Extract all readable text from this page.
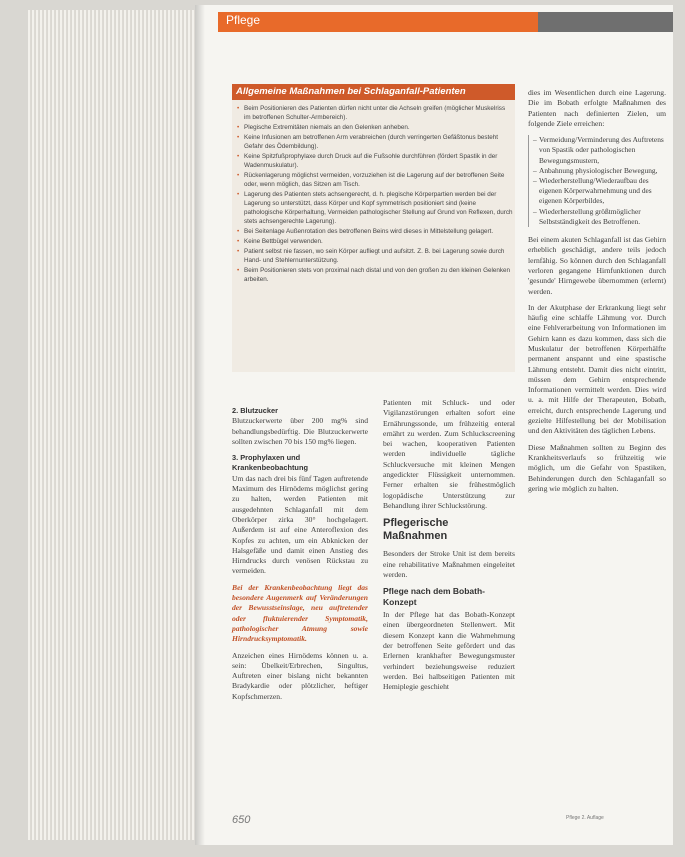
Pflege
Allgemeine Maßnahmen bei Schlaganfall-Patienten
• Beim Positionieren des Patienten dürfen nicht unter die Achseln greifen (möglicher Muskelriss im betroffenen Schulter-Armbereich).
• Plegische Extremitäten niemals an den Gelenken anheben.
• Keine Infusionen am betroffenen Arm verabreichen (durch verringerten Gefäßtonus besteht Gefahr des Ödembildung).
• Keine Spitzfußprophylaxe durch Druck auf die Fußsohle durchführen (fördert Spastik in der Wadenmuskulatur).
• Rückenlagerung möglichst vermeiden, vorzuziehen ist die Lagerung auf der betroffenen Seite oder, wenn möglich, das Sitzen am Tisch.
• Lagerung des Patienten stets achsengerecht, d. h. plegische Körperpartien werden bei der Lagerung so unterstützt, dass Körper und Kopf symmetrisch positioniert sind (keine pathologische Körperhaltung, Vermeiden pathologischer Stellung auf Grund von Reflexen, durch stets achsengerechte Lagerung).
• Bei Seitenlage Außenrotation des betroffenen Beins wird dieses in Mittelstellung gelagert.
• Keine Bettbügel verwenden.
• Patient selbst nie fassen, wo sein Körper aufliegt und aufsitzt. Z. B. bei Lagerung sowie durch Hand- und Stehlernunterstützung.
• Beim Positionieren stets von proximal nach distal und von den großen zu den kleinen Gelenken arbeiten.
2. Blutzucker

Blutzuckerwerte über 200 mg% sind behandlungsbedürftig. Die Blutzuckerwerte sollten zwischen 70 bis 150 mg% liegen.

3. Prophylaxen und Krankenbeobachtung

Um das nach drei bis fünf Tagen auftretende Maximum des Hirnödems möglichst gering zu halten, werden Patienten mit ausgedehnten Schlaganfall mit dem Oberkörper zirka 30° hochgelagert. Außerdem ist auf eine Anteroflexion des Kopfes zu achten, um ein Abknicken der Halsgefäße und damit einen Anstieg des Hirndrucks durch venösen Rückstau zu vermeiden.

Bei der Krankenbeobachtung liegt das besondere Augenmerk auf Veränderungen der Bewusstseinslage, neu auftretender oder fluktuierender Symptomatik, pathologischer Atmung sowie Hirndrucksymptomatik.

Anzeichen eines Hirnödems können u. a. sein: Übelkeit/Erbrechen, Singultus, Auftreten einer bislang nicht bekannten Bradykardie oder plötzlicher, heftiger Kopfschmerzen.

Patienten mit Schluck- und oder Vigilanzstörungen erhalten sofort eine Ernährungssonde, um frühzeitig enteral ernährt zu werden. Zum Schluckscreening bei wachen, kooperativen Patienten werden individuelle tägliche Schluckversuche mit kleinen Mengen angedickter Flüssigkeit unternommen. Ferner erhalten sie frühestmöglich logopädische Unterstützung zur Behandlung ihrer Schluckstörung.

Pflegerische Maßnahmen

Besonders der Stroke Unit ist dem bereits eine rehabilitative Maßnahmen eingeleitet werden.

Pflege nach dem Bobath-Konzept

In der Pflege hat das Bobath-Konzept einen übergeordneten Stellenwert. Mit diesem Konzept kann die Wahrnehmung der betroffenen Seite gefördert und das Erlernen krankhafter Bewegungsmuster verhindert beziehungsweise reduziert werden. Bei halbseitigen Patienten mit Hemiplegie geschieht

dies im Wesentlichen durch eine Lagerung. Die im Bobath erfolgte Maßnahmen des Patienten nach definierten Zielen, um folgende Ziele erreichen:

– Vermeidung/Verminderung des Auftretens von Spastik oder pathologischen Bewegungsmustern,
– Anbahnung physiologischer Bewegung,
– Wiederherstellung/Wiederaufbau des eigenen Körperwahrnehmung und des eigenen Körperbildes,
– Wiederherstellung größtmöglicher Selbstständigkeit des Betroffenen.

Bei einem akuten Schlaganfall ist das Gehirn erheblich geschädigt, andere teils jedoch lernfähig. So können durch den Schlaganfall verloren gegangene Hirnfunktionen durch 'gesunde' Hirngewebe übernommen (erlernt) werden.

In der Akutphase der Erkrankung liegt sehr häufig eine schlaffe Lähmung vor. Durch eine Fehlverarbeitung von Informationen im Gehirn kann es dazu kommen, dass sich die Muskulatur der betroffenen Körperhälfte permanent anspannt und eine spastische Lähmung entsteht. Damit dies nicht eintritt, müssen dem Gehirn entsprechende Informationen vermittelt werden. Dies wird u. a. mit Hilfe der Therapeuten, Bobath, erreicht, durch entsprechende Lagerung und gezielte Hilfestellung bei der Mobilisation und den Aktivitäten des täglichen Lebens.

Diese Maßnahmen sollten zu Beginn des Krankheitsverlaufs so frühzeitig wie möglich, um die Gefahr von Spastiken, Behinderungen durch den Schlaganfall so gering wie möglich zu halten.

650	Pflege 2. Auflage
